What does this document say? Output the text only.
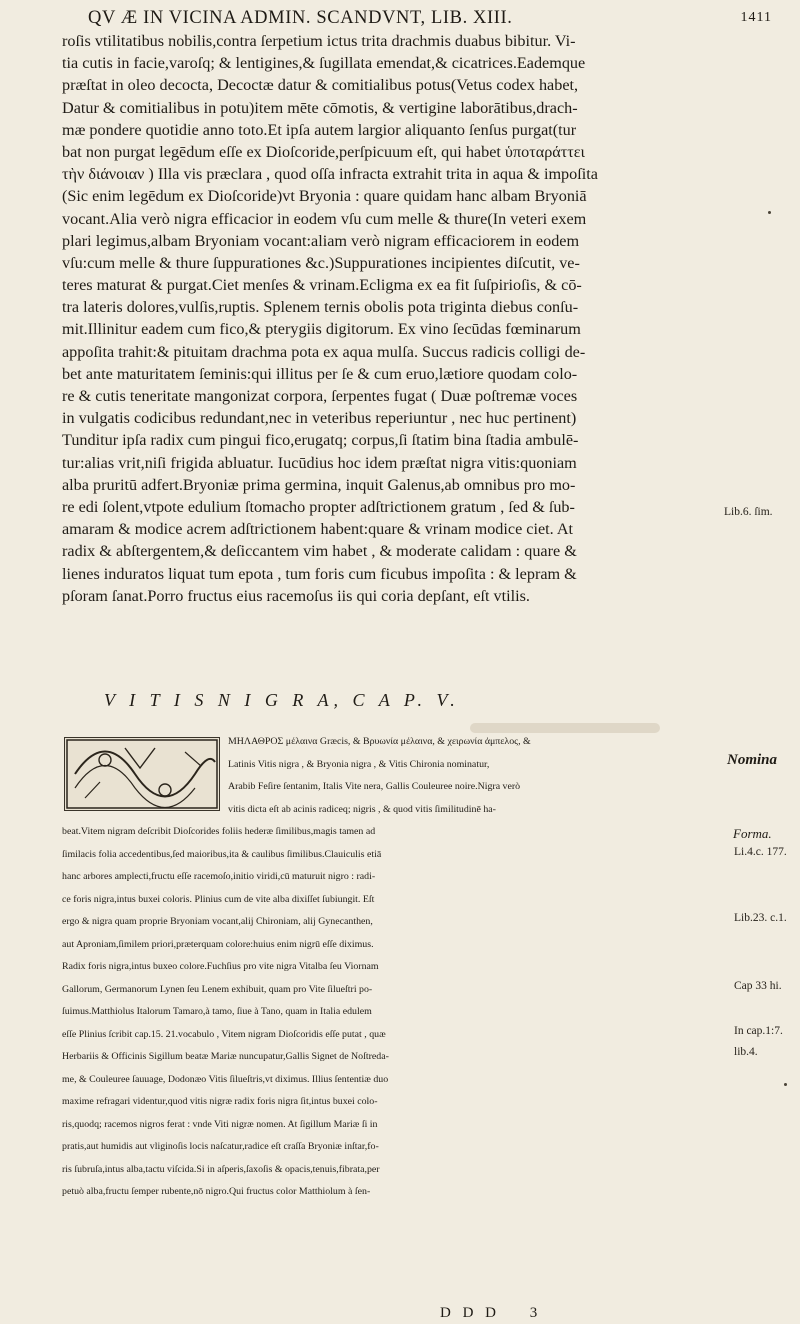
QV Æ IN VICINA ADMIN. SCANDVNT, LIB. XIII.	1411
roſis vtilitatibus nobilis,contra ſerpetium ictus trita drachmis duabus bibitur. Vi-
tia cutis in facie,varoſq; & lentigines,& ſugillata emendat,& cicatrices.Eademque
præſtat in oleo decocta, Decoctæ datur & comitialibus potus(Vetus codex habet,
Datur & comitialibus in potu)item mēte cōmotis, & vertigine laborātibus,drach-
mæ pondere quotidie anno toto.Et ipſa autem largior aliquanto ſenſus purgat(tur
bat non purgat legēdum eſſe ex Dioſcoride,perſpicuum eſt, qui habet ὑποταράττει
τὴν διάνοιαν ) Illa vis præclara , quod oſſa infracta extrahit trita in aqua & impoſita
(Sic enim legēdum ex Dioſcoride)vt Bryonia : quare quidam hanc albam Bryoniā
vocant.Alia verò nigra efficacior in eodem vſu cum melle & thure(In veteri exem
plari legimus,albam Bryoniam vocant:aliam verò nigram efficaciorem in eodem
vſu:cum melle & thure ſuppurationes &c.)Suppurationes incipientes diſcutit, ve-
teres maturat & purgat.Ciet menſes & vrinam.Ecligma ex ea fit ſuſpirioſis, & cō-
tra lateris dolores,vulſis,ruptis. Splenem ternis obolis pota triginta diebus conſu-
mit.Illinitur eadem cum fico,& pterygiis digitorum. Ex vino ſecūdas fœminarum
appoſita trahit:& pituitam drachma pota ex aqua mulſa. Succus radicis colligi de-
bet ante maturitatem ſeminis:qui illitus per ſe & cum eruo,lætiore quodam colo-
re & cutis teneritate mangonizat corpora, ſerpentes fugat ( Duæ poſtremæ voces
in vulgatis codicibus redundant,nec in veteribus reperiuntur , nec huc pertinent)
Tunditur ipſa radix cum pingui fico,erugatq; corpus,ſi ſtatim bina ſtadia ambulē-
tur:alias vrit,niſi frigida abluatur. Iucūdius hoc idem præſtat nigra vitis:quoniam
alba pruritū adfert.Bryoniæ prima germina, inquit Galenus,ab omnibus pro mo-
re edi ſolent,vtpote edulium ſtomacho propter adſtrictionem gratum , ſed & ſub-
amaram & modice acrem adſtrictionem habent:quare & vrinam modice ciet. At
radix & abſtergentem,& deſiccantem vim habet , & moderate calidam : quare &
lienes induratos liquat tum epota , tum foris cum ficubus impoſita : & lepram &
pſoram ſanat.Porro fructus eius racemoſus iis qui coria depſant, eſt vtilis.
Lib.6. ſim.
V I T I S N I G R A, C A P. V.
ΜΗΛΑΘΡΟΣ μέλαινα Græcis, & Βρυωνία μέλαινα, & χειρωνία ἀμπελος, &
Latinis Vitis nigra , & Bryonia nigra , & Vitis Chironia nominatur,
Arabib Feſire ſentanim, Italis Vite nera, Gallis Couleuree noire.Nigra verò
vitis dicta eſt ab acinis radiceq; nigris , & quod vitis ſimilitudinē ha-
beat.Vitem nigram deſcribit Dioſcorides foliis hederæ ſimilibus,magis tamen ad
ſimilacis folia accedentibus,ſed maioribus,ita & caulibus ſimilibus.Clauiculis etiā
hanc arbores amplecti,fructu eſſe racemoſo,initio viridi,cū maturuit nigro : radi-
ce foris nigra,intus buxei coloris. Plinius cum de vite alba dixiſſet ſubiungit. Eſt
ergo & nigra quam proprie Bryoniam vocant,alij Chironiam, alij Gynecanthen,
aut Aproniam,ſimilem priori,præterquam colore:huius enim nigrū eſſe diximus.
Radix foris nigra,intus buxeo colore.Fuchſius pro vite nigra Vitalba ſeu Viornam
Gallorum, Germanorum Lynen ſeu Lenem exhibuit, quam pro Vite ſilueſtri po-
ſuimus.Matthiolus Italorum Tamaro,à tamo, ſiue à Tano, quam in Italia edulem
eſſe Plinius ſcribit cap.15. 21.vocabulo , Vitem nigram Dioſcoridis eſſe putat , quæ
Herbariis & Officinis Sigillum beatæ Mariæ nuncupatur,Gallis Signet de Noſtreda-
me, & Couleuree ſauuage, Dodonæo Vitis ſilueſtris,vt diximus. Illius ſententiæ duo
maxime refragari videntur,quod vitis nigræ radix foris nigra ſit,intus buxei colo-
ris,quodq; racemos nigros ferat : vnde Viti nigræ nomen. At ſigillum Mariæ ſi in
pratis,aut humidis aut vliginoſis locis naſcatur,radice eſt craſſa Bryoniæ inſtar,fo-
ris ſubruſa,intus alba,tactu viſcida.Si in aſperis,ſaxoſis & opacis,tenuis,fibrata,per
petuò alba,fructu ſemper rubente,nō nigro.Qui fructus color Matthiolum à ſen-
Nomina
Li.4.c. 177.
Forma.
Lib.23. c.1.
Cap 33 hi.
In cap.1:7.
lib.4.
D D D 3
